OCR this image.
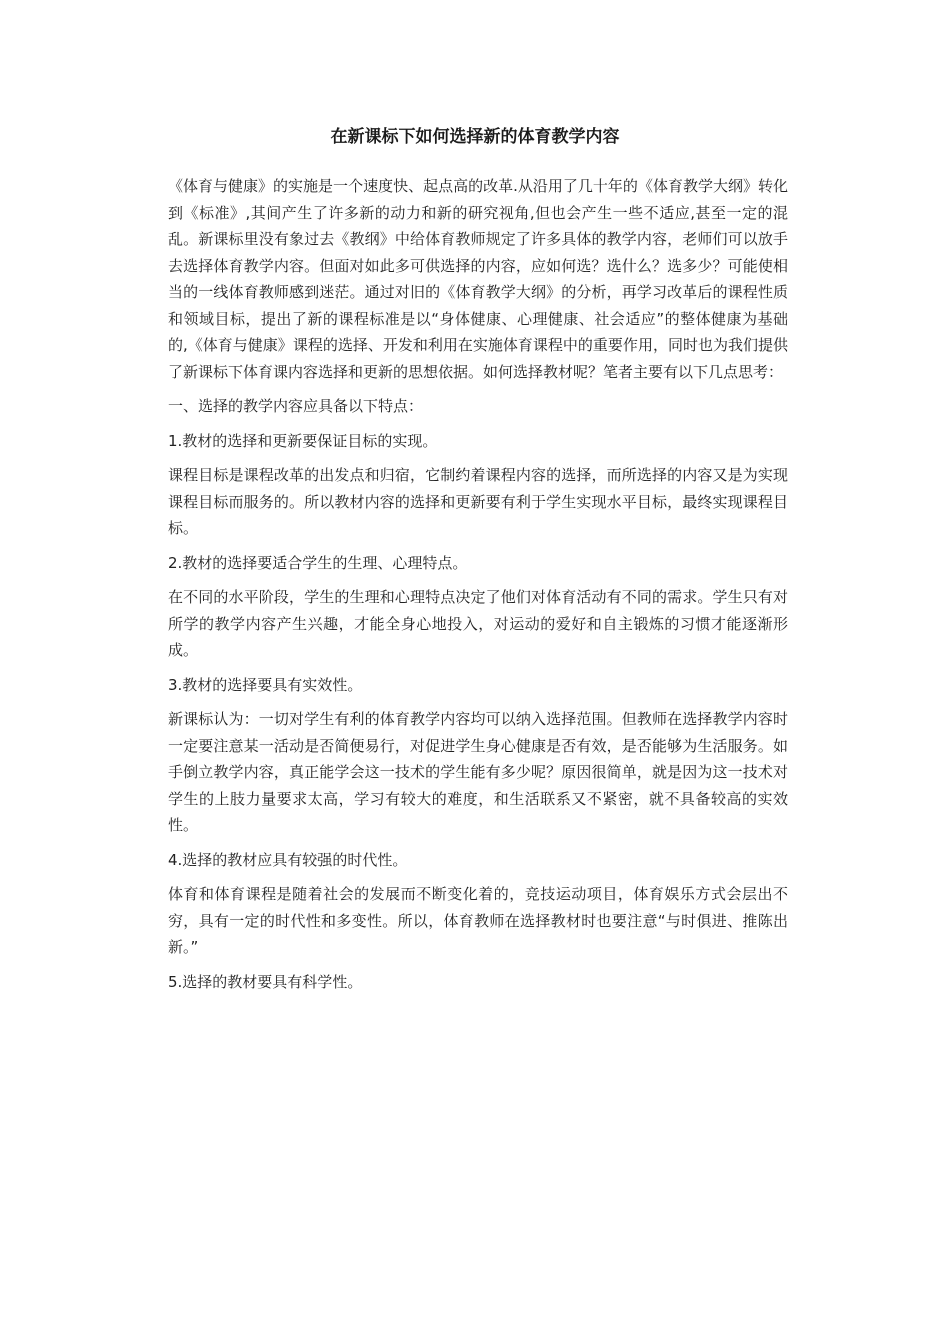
在新课标下如何选择新的体育教学内容

《体育与健康》的实施是一个速度快、起点高的改革.从沿用了几十年的《体育教学大纲》转化到《标准》,其间产生了许多新的动力和新的研究视角,但也会产生一些不适应,甚至一定的混乱。新课标里没有象过去《教纲》中给体育教师规定了许多具体的教学内容，老师们可以放手去选择体育教学内容。但面对如此多可供选择的内容，应如何选？选什么？选多少？可能使相当的一线体育教师感到迷茫。通过对旧的《体育教学大纲》的分析，再学习改革后的课程性质和领域目标，提出了新的课程标准是以“身体健康、心理健康、社会适应”的整体健康为基础的,《体育与健康》课程的选择、开发和利用在实施体育课程中的重要作用，同时也为我们提供了新课标下体育课内容选择和更新的思想依据。如何选择教材呢？笔者主要有以下几点思考：

一、选择的教学内容应具备以下特点：

1.教材的选择和更新要保证目标的实现。

课程目标是课程改革的出发点和归宿，它制约着课程内容的选择，而所选择的内容又是为实现课程目标而服务的。所以教材内容的选择和更新要有利于学生实现水平目标，最终实现课程目标。

2.教材的选择要适合学生的生理、心理特点。

在不同的水平阶段，学生的生理和心理特点决定了他们对体育活动有不同的需求。学生只有对所学的教学内容产生兴趣，才能全身心地投入，对运动的爱好和自主锻炼的习惯才能逐渐形成。

3.教材的选择要具有实效性。

新课标认为：一切对学生有利的体育教学内容均可以纳入选择范围。但教师在选择教学内容时一定要注意某一活动是否简便易行，对促进学生身心健康是否有效，是否能够为生活服务。如手倒立教学内容，真正能学会这一技术的学生能有多少呢？原因很简单，就是因为这一技术对学生的上肢力量要求太高，学习有较大的难度，和生活联系又不紧密，就不具备较高的实效性。

4.选择的教材应具有较强的时代性。

体育和体育课程是随着社会的发展而不断变化着的，竞技运动项目，体育娱乐方式会层出不穷，具有一定的时代性和多变性。所以，体育教师在选择教材时也要注意“与时俱进、推陈出新。”

5.选择的教材要具有科学性。
